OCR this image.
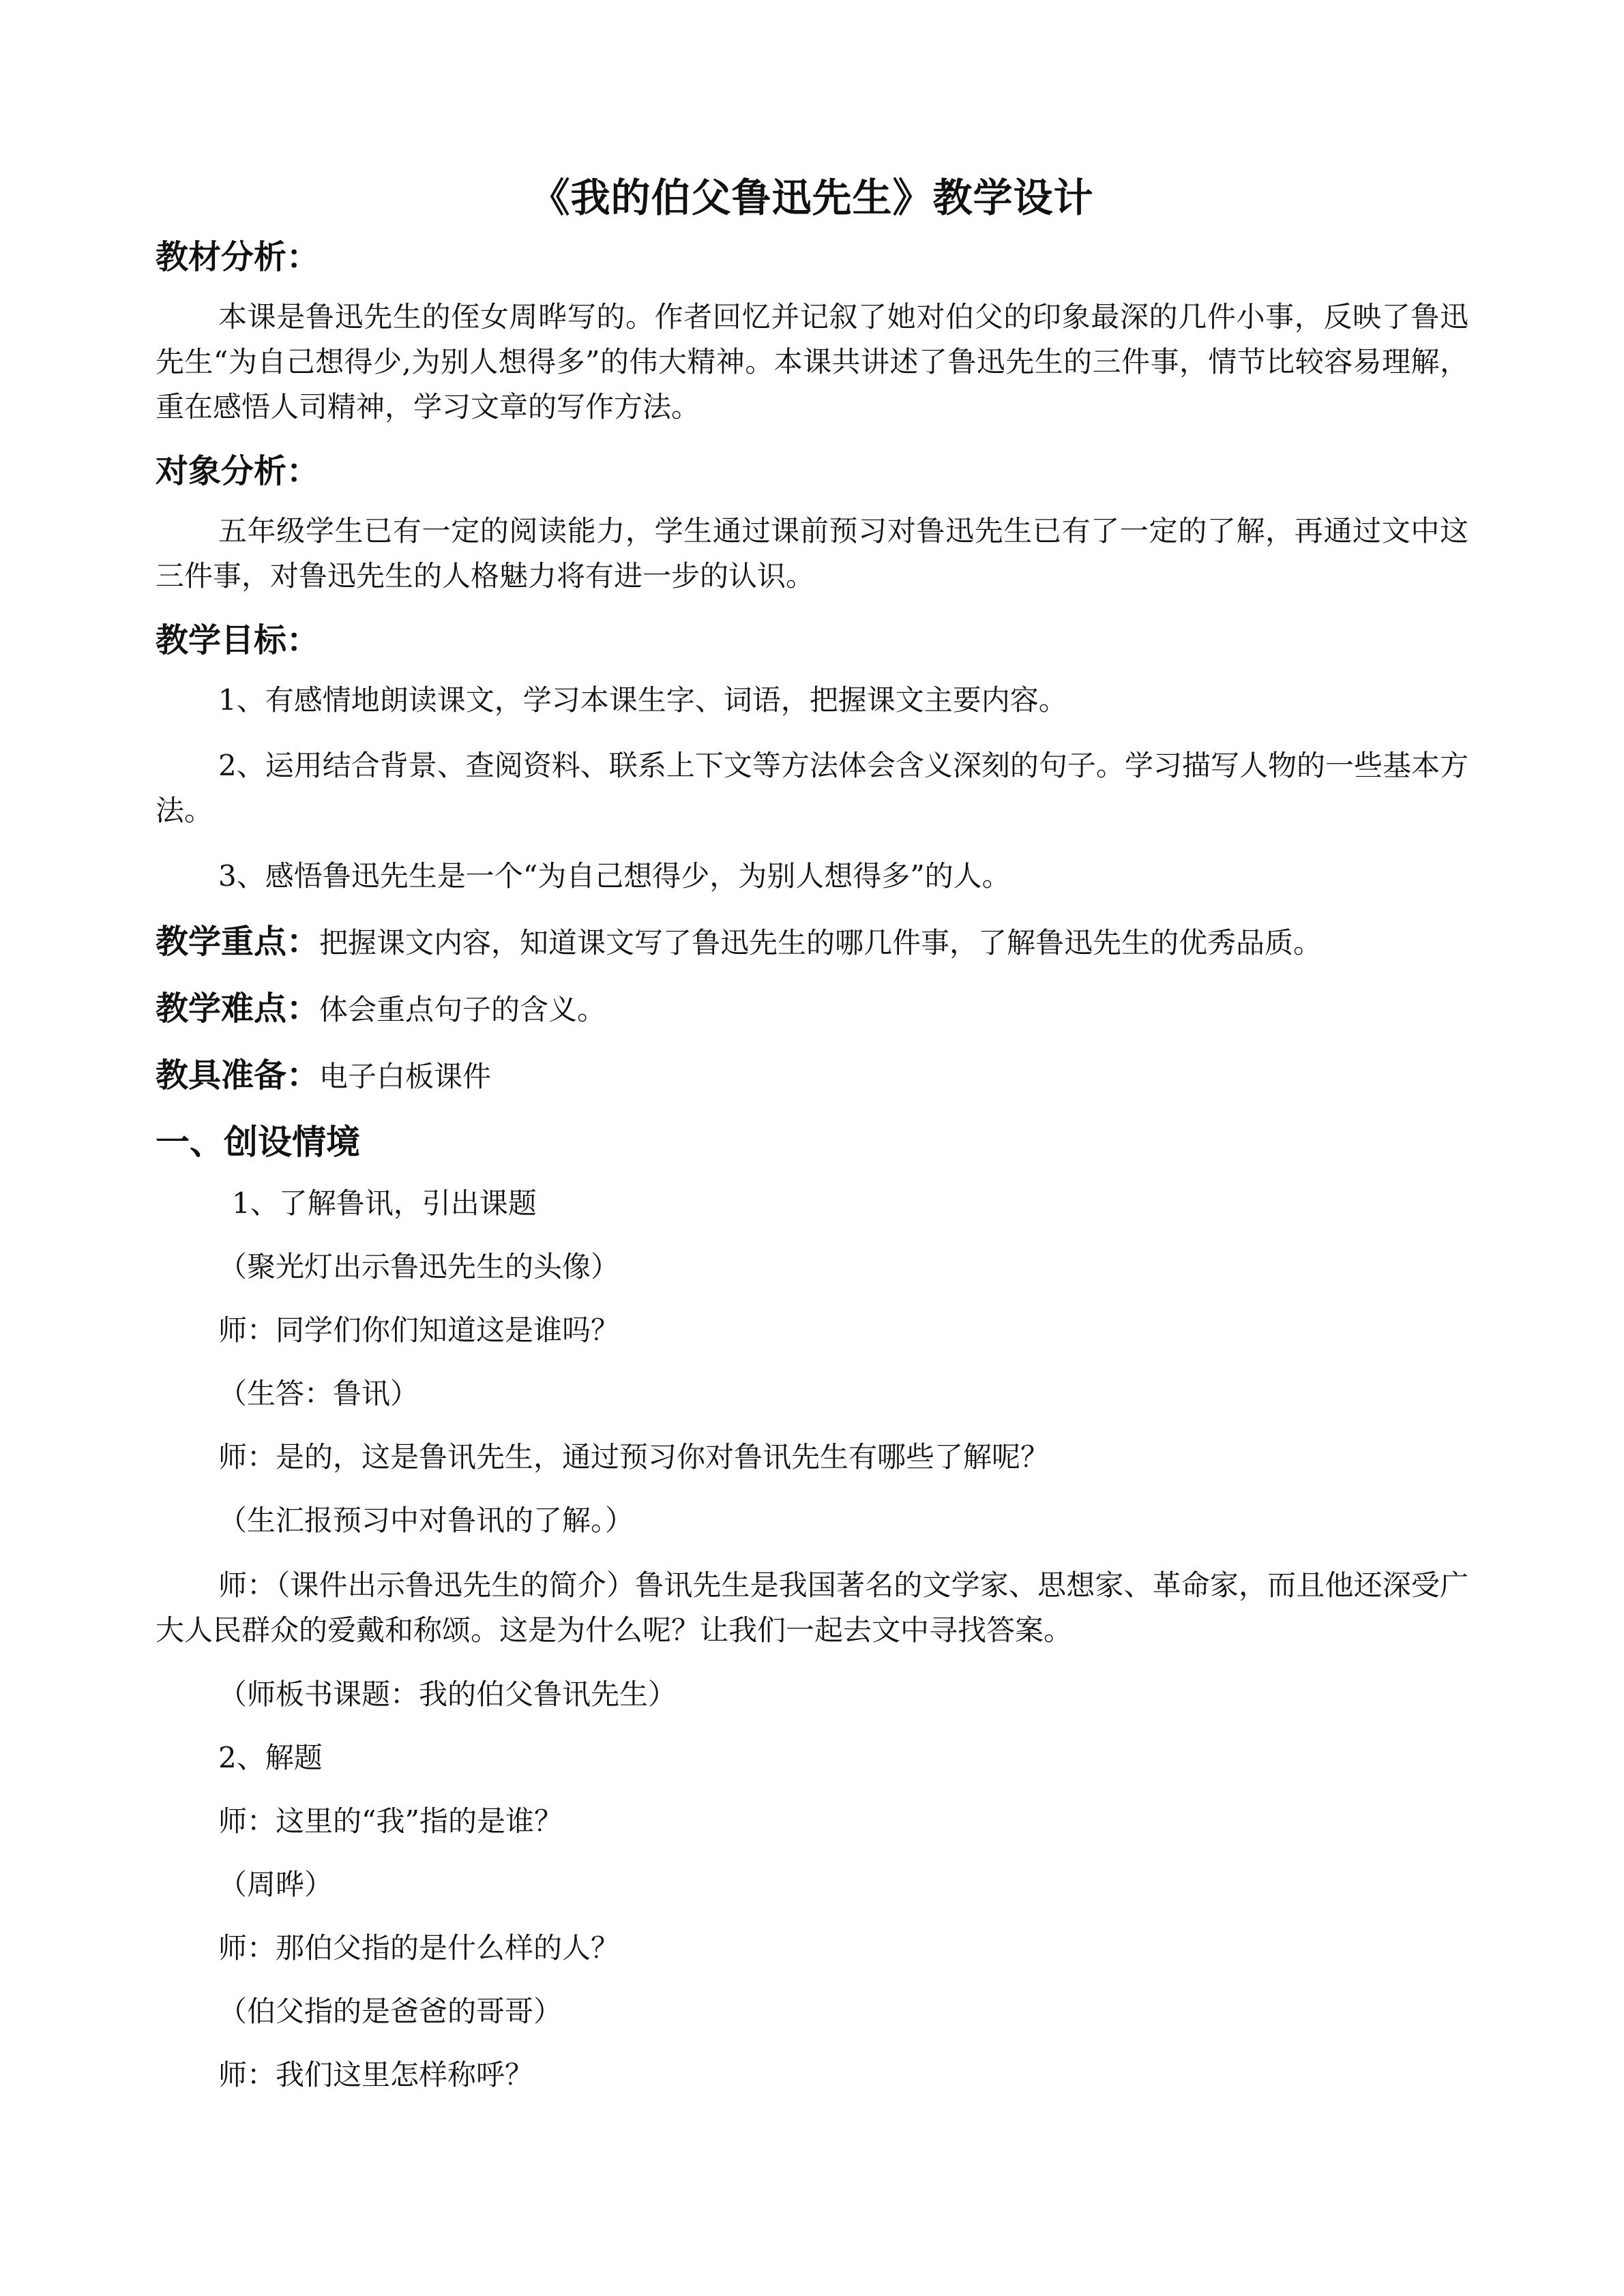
《我的伯父鲁迅先生》教学设计
教材分析：
本课是鲁迅先生的侄女周晔写的。作者回忆并记叙了她对伯父的印象最深的几件小事，反映了鲁迅先生“为自己想得少,为别人想得多”的伟大精神。本课共讲述了鲁迅先生的三件事，情节比较容易理解，重在感悟人司精神，学习文章的写作方法。
对象分析：
五年级学生已有一定的阅读能力，学生通过课前预习对鲁迅先生已有了一定的了解，再通过文中这三件事，对鲁迅先生的人格魅力将有进一步的认识。
教学目标：
1、有感情地朗读课文，学习本课生字、词语，把握课文主要内容。
2、运用结合背景、查阅资料、联系上下文等方法体会含义深刻的句子。学习描写人物的一些基本方法。
3、感悟鲁迅先生是一个“为自己想得少，为别人想得多”的人。
教学重点：把握课文内容，知道课文写了鲁迅先生的哪几件事，了解鲁迅先生的优秀品质。
教学难点：体会重点句子的含义。
教具准备：电子白板课件
一、创设情境
1、了解鲁讯，引出课题
（聚光灯出示鲁迅先生的头像）
师：同学们你们知道这是谁吗？
（生答：鲁讯）
师：是的，这是鲁讯先生，通过预习你对鲁讯先生有哪些了解呢？
（生汇报预习中对鲁讯的了解。）
师：（课件出示鲁迅先生的简介）鲁讯先生是我国著名的文学家、思想家、革命家，而且他还深受广大人民群众的爱戴和称颂。这是为什么呢？让我们一起去文中寻找答案。
（师板书课题：我的伯父鲁讯先生）
2、解题
师：这里的“我”指的是谁？
（周晔）
师：那伯父指的是什么样的人？
（伯父指的是爸爸的哥哥）
师：我们这里怎样称呼？
